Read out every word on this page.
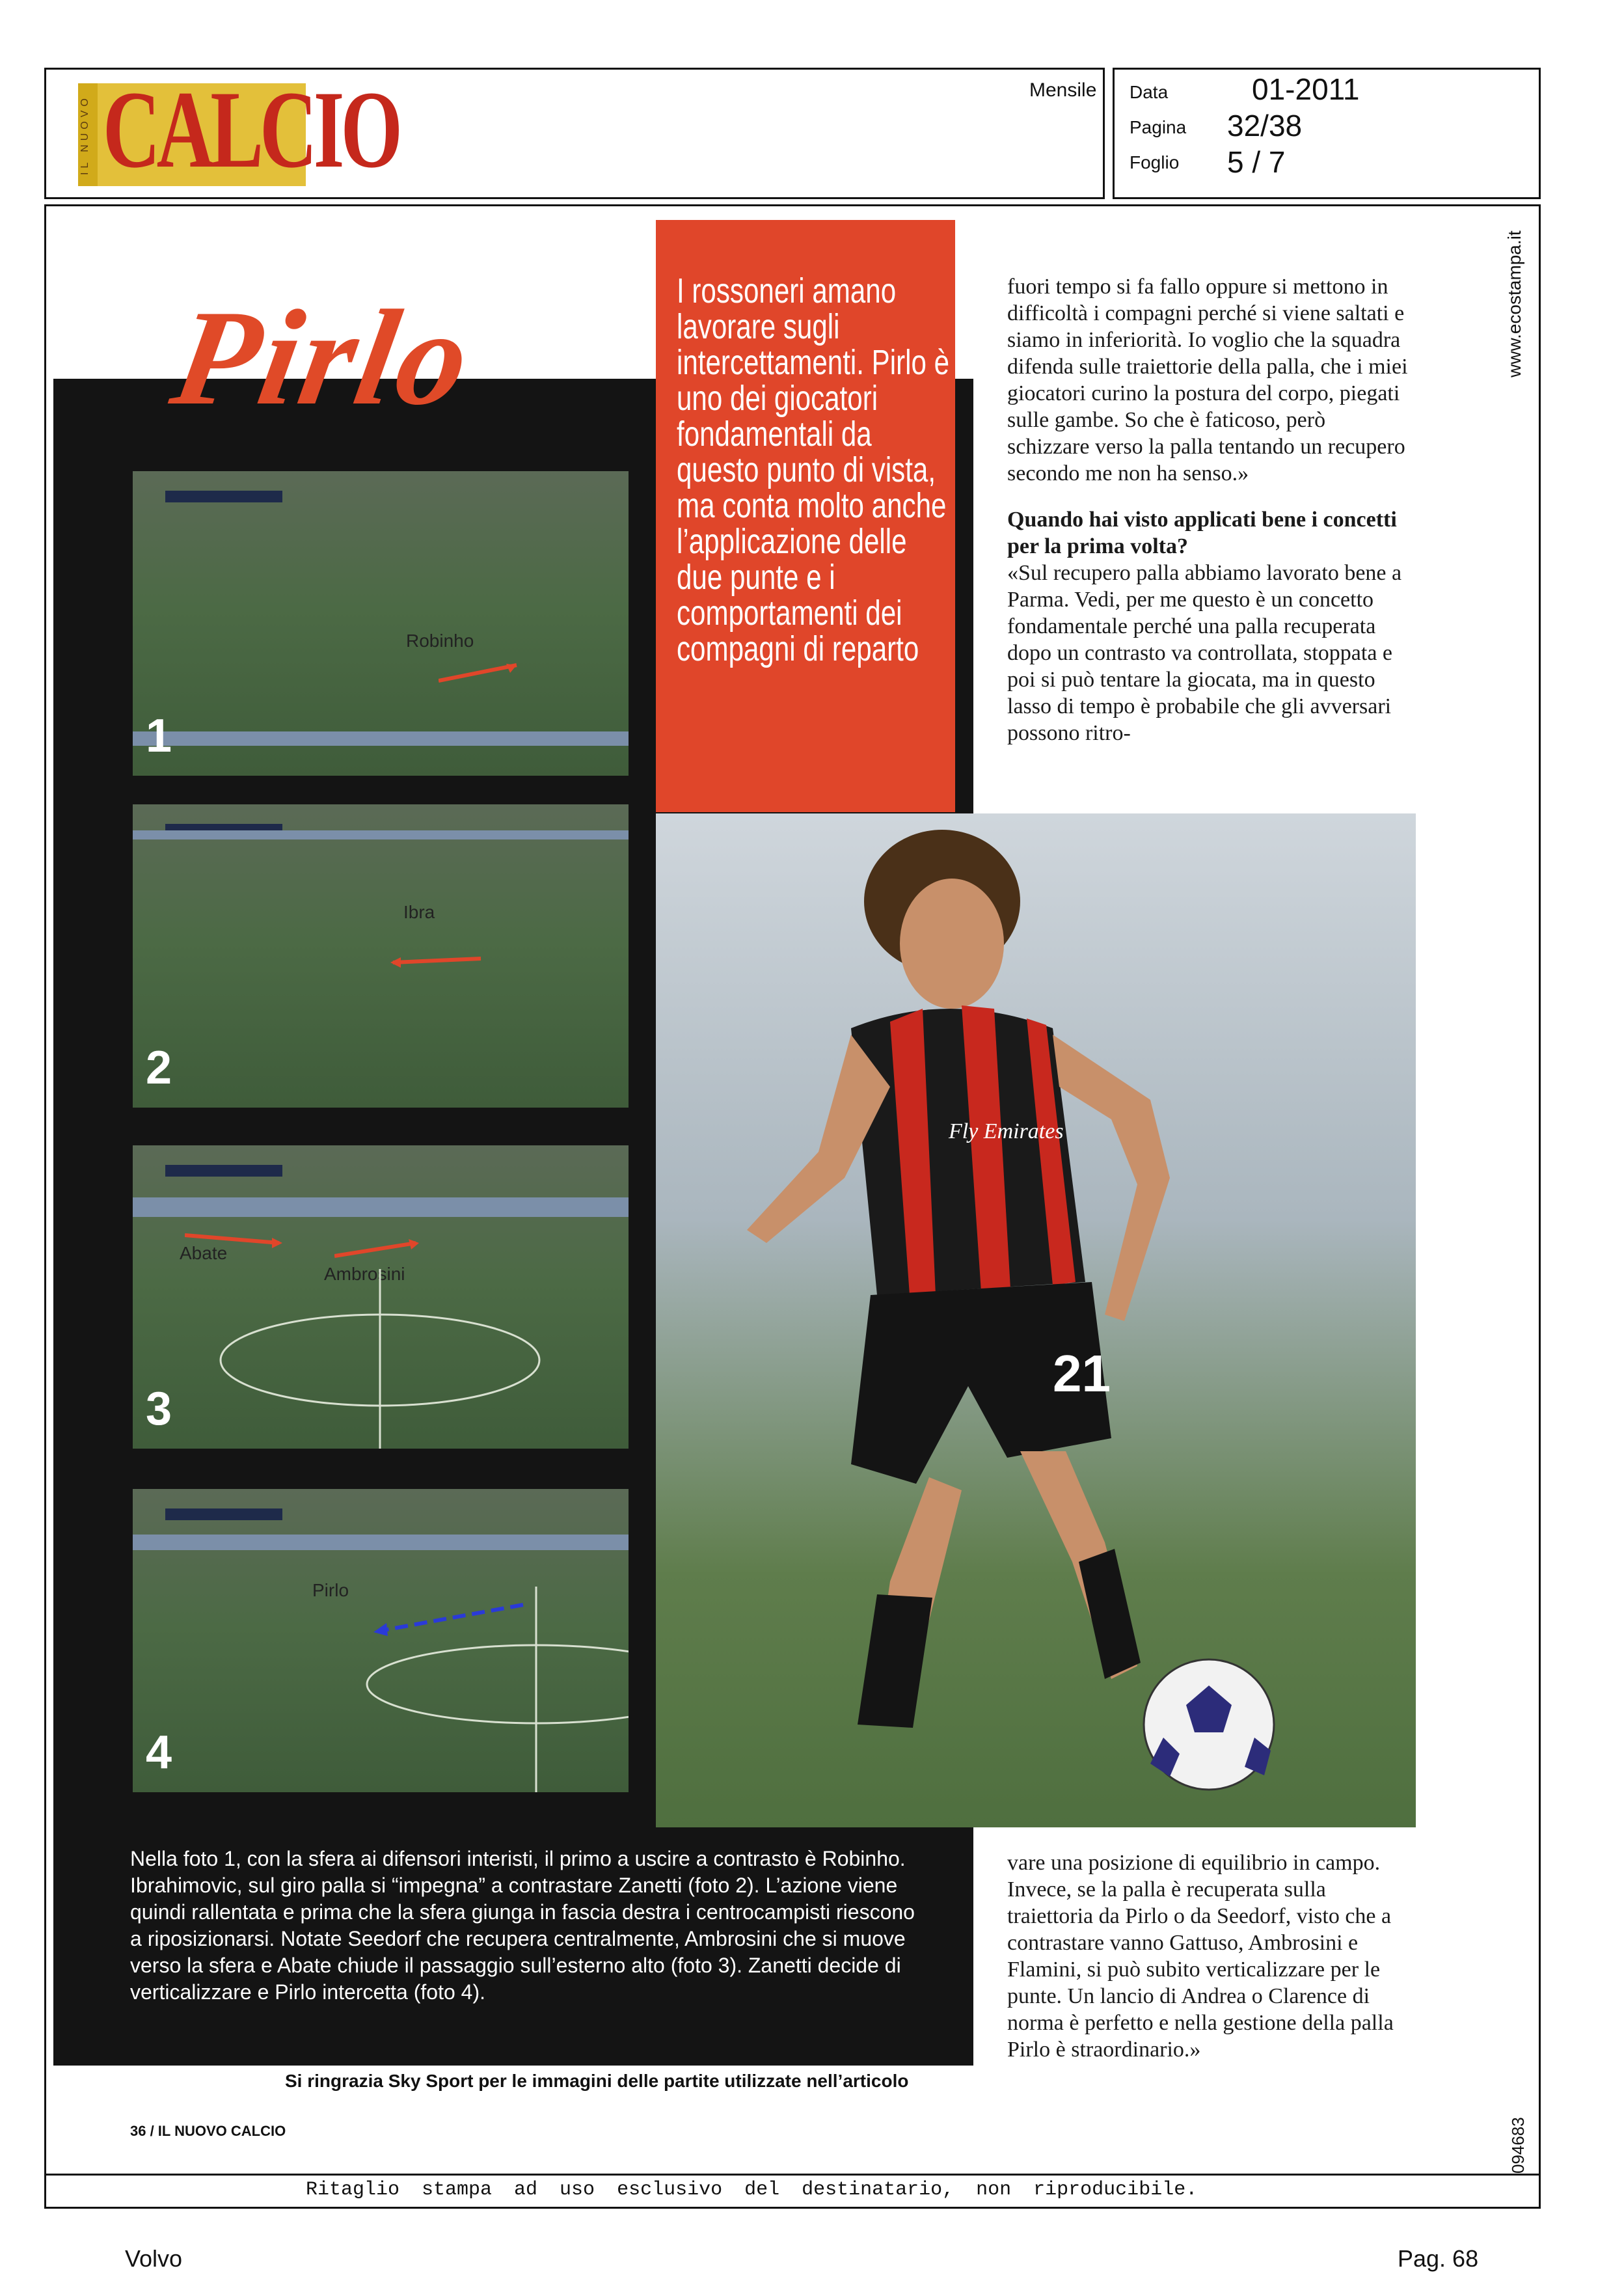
IL NUOVO CALCIO	Mensile Data	01-2011
Pagina 32/38
Foglio 5 / 7
www.ecostampa.it
094683
Pirlo
Robinho
1
Ibra
2
Abate
Ambrosini
3
Pirlo
4
I rossoneri amano lavorare sugli intercettamenti. Pirlo è uno dei giocatori fondamentali da questo punto di vista, ma conta molto anche l’applicazione delle due punte e i comportamenti dei compagni di reparto
fuori tempo si fa fallo oppure si mettono in difficoltà i compagni perché si viene saltati e siamo in inferiorità. Io voglio che la squadra difenda sulle traiettorie della palla, che i miei giocatori curino la postura del corpo, piegati sulle gambe. So che è faticoso, però schizzare verso la palla tentando un recupero secondo me non ha senso.»
Quando hai visto applicati bene i concetti per la prima volta?
«Sul recupero palla abbiamo lavorato bene a Parma. Vedi, per me questo è un concetto fondamentale perché una palla recuperata dopo un contrasto va controllata, stoppata e poi si può tentare la giocata, ma in questo lasso di tempo è probabile che gli avversari possono ritro-
Fly Emirates
21
Nella foto 1, con la sfera ai difensori interisti, il primo a uscire a contrasto è Robinho. Ibrahimovic, sul giro palla si “impegna” a contrastare Zanetti (foto 2). L’azione viene quindi rallentata e prima che la sfera giunga in fascia destra i centrocampisti riescono a riposizionarsi. Notate Seedorf che recupera centralmente, Ambrosini che si muove verso la sfera e Abate chiude il passaggio sull’esterno alto (foto 3). Zanetti decide di verticalizzare e Pirlo intercetta (foto 4).
vare una posizione di equilibrio in campo. Invece, se la palla è recuperata sulla traiettoria da Pirlo o da Seedorf, visto che a contrastare vanno Gattuso, Ambrosini e Flamini, si può subito verticalizzare per le punte. Un lancio di Andrea o Clarence di norma è perfetto e nella gestione della palla Pirlo è straordinario.»
Si ringrazia Sky Sport per le immagini delle partite utilizzate nell’articolo
36 / IL NUOVO CALCIO
Ritaglio stampa ad uso esclusivo del destinatario, non riproducibile.
Volvo	Pag. 68
